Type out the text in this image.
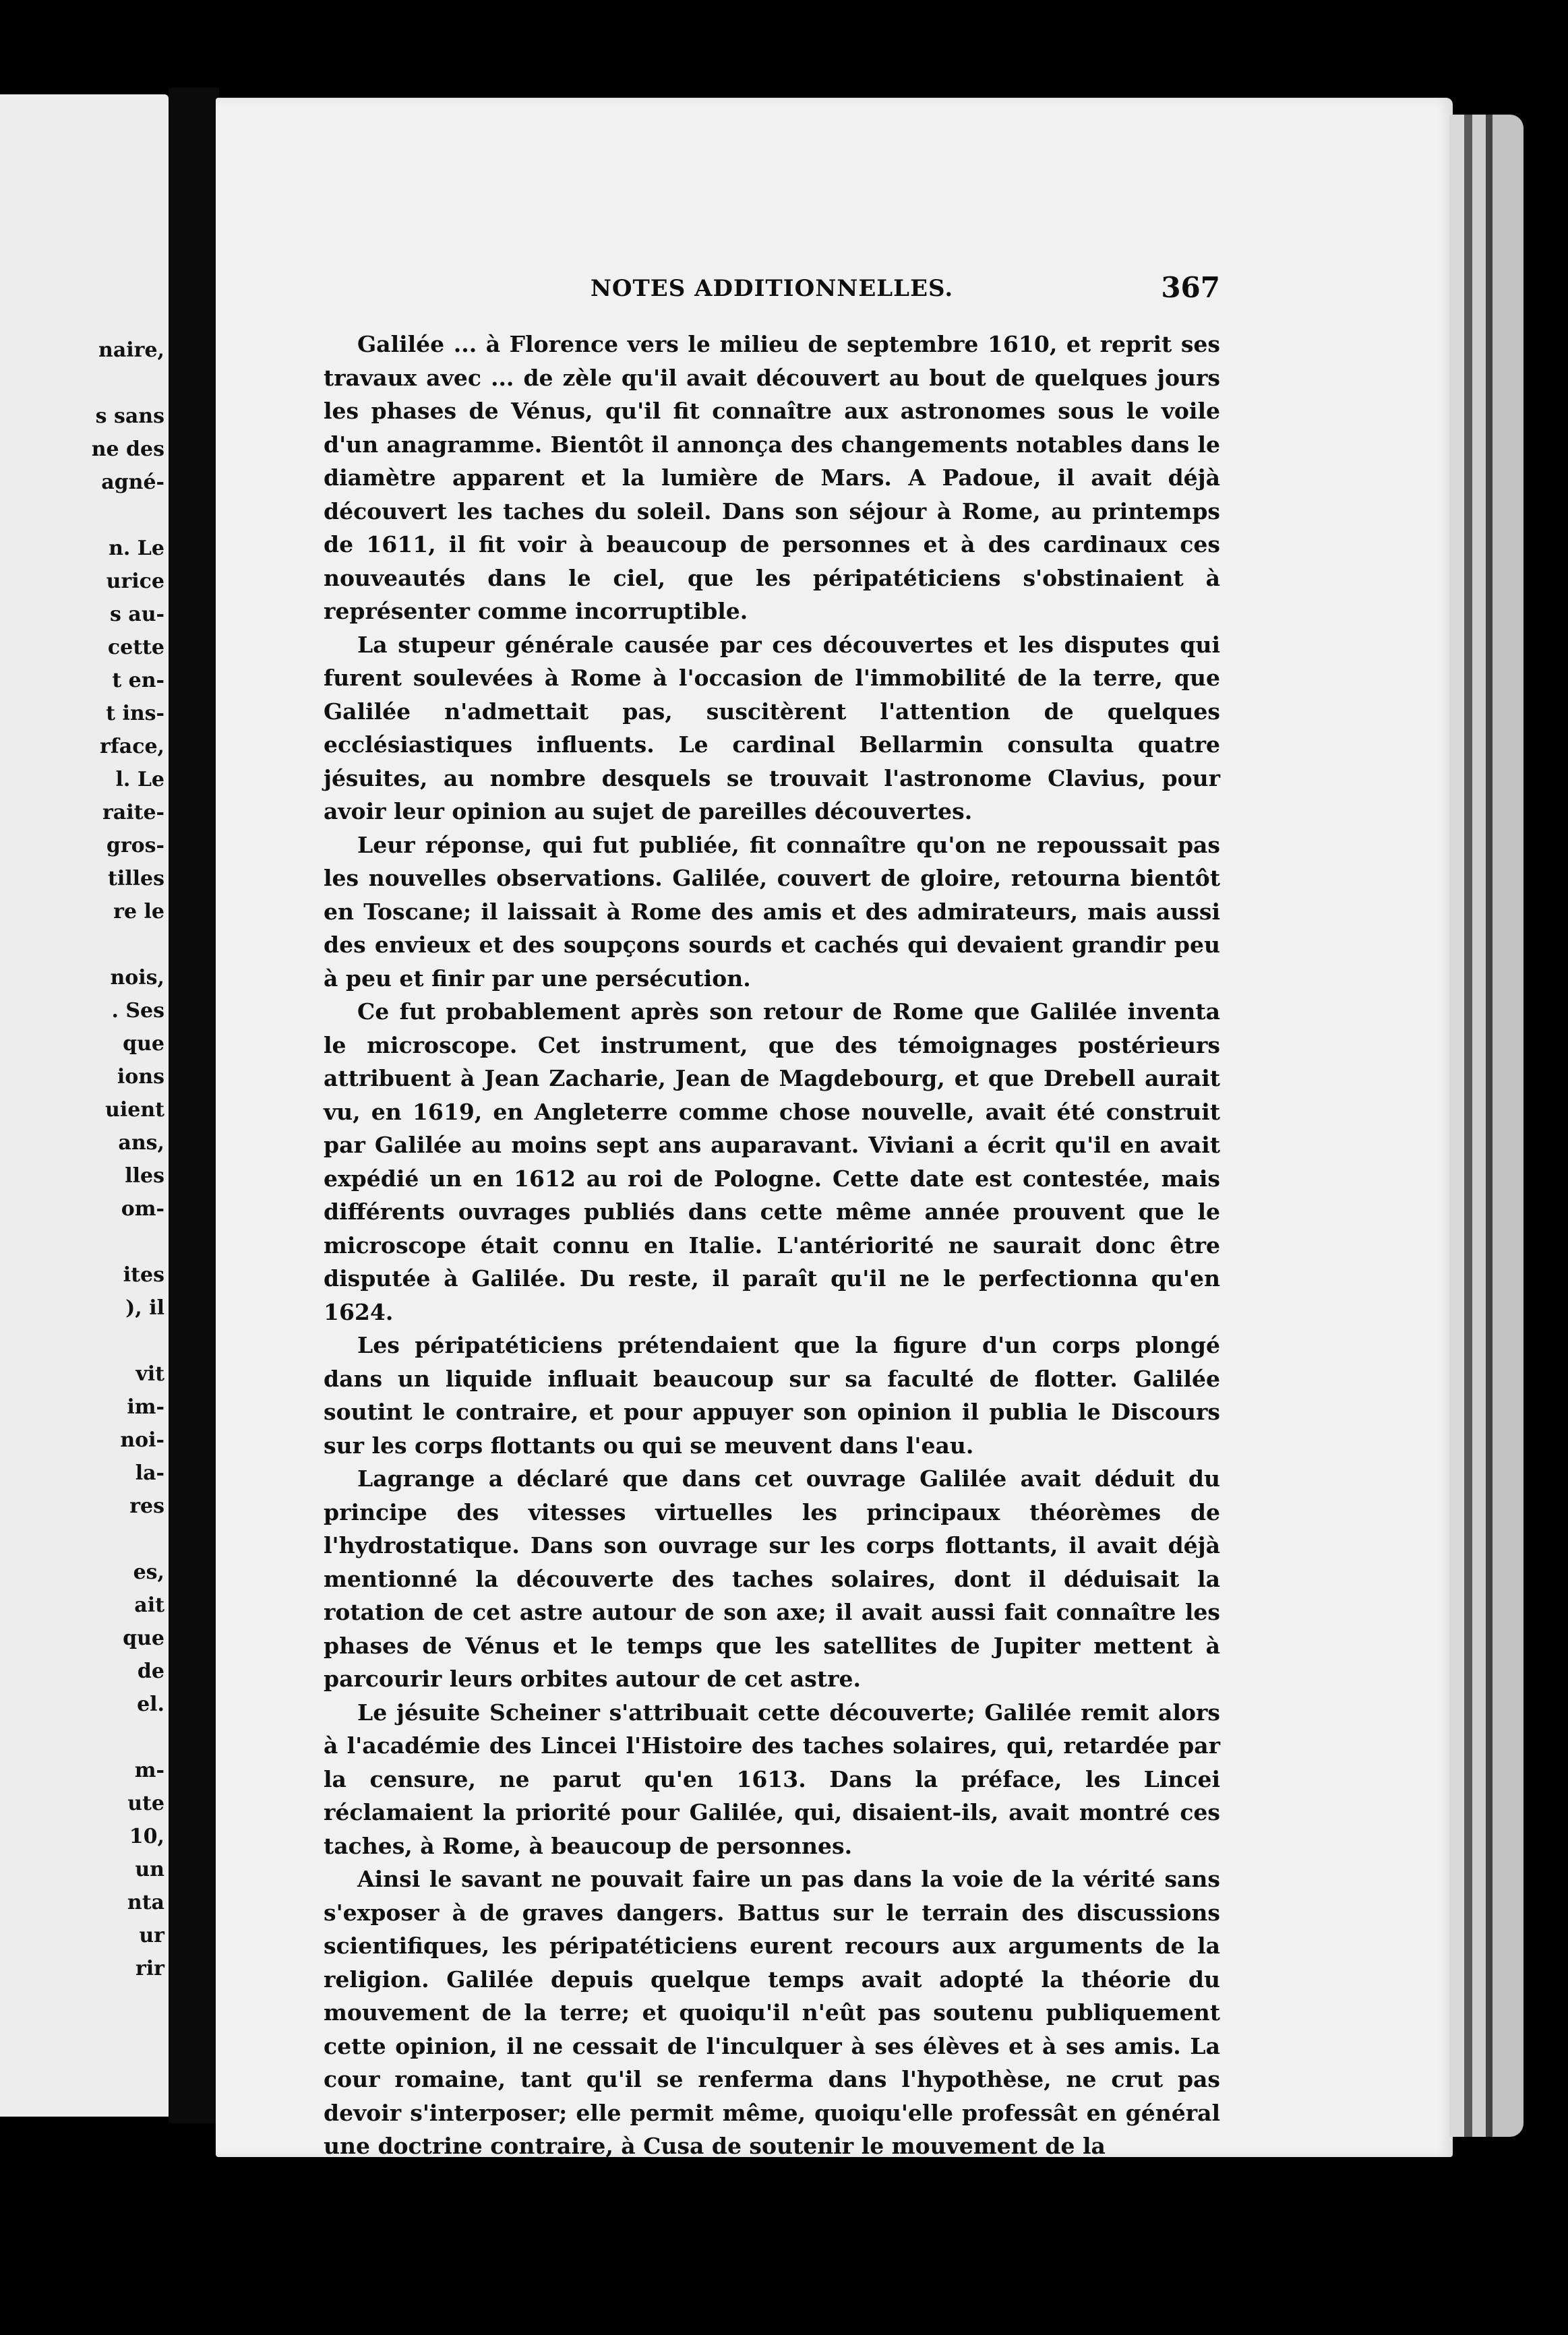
naire,
s sans
ne des
agné-
n. Le
urice
s au-
cette
t en-
t ins-
rface,
l. Le
raite-
gros-
tilles
re le
nois,
. Ses
que
ions
uient
ans,
lles
om-
ites
), il
vit
im-
noi-
la-
res
es,
ait
que
de
el.
m-
ute
10,
un
nta
ur
rir
NOTES ADDITIONNELLES.	367

Galilée ... à Florence vers le milieu de septembre 1610, et reprit ses travaux avec ... de zèle qu'il avait découvert au bout de quelques jours les phases de Vénus, qu'il fit connaître aux astronomes sous le voile d'un anagramme. Bientôt il annonça des changements notables dans le diamètre apparent et la lumière de Mars. A Padoue, il avait déjà découvert les taches du soleil. Dans son séjour à Rome, au printemps de 1611, il fit voir à beaucoup de personnes et à des cardinaux ces nouveautés dans le ciel, que les péripatéticiens s'obstinaient à représenter comme incorruptible.

La stupeur générale causée par ces découvertes et les disputes qui furent soulevées à Rome à l'occasion de l'immobilité de la terre, que Galilée n'admettait pas, suscitèrent l'attention de quelques ecclésiastiques influents. Le cardinal Bellarmin consulta quatre jésuites, au nombre desquels se trouvait l'astronome Clavius, pour avoir leur opinion au sujet de pareilles découvertes.

Leur réponse, qui fut publiée, fit connaître qu'on ne repoussait pas les nouvelles observations. Galilée, couvert de gloire, retourna bientôt en Toscane; il laissait à Rome des amis et des admirateurs, mais aussi des envieux et des soupçons sourds et cachés qui devaient grandir peu à peu et finir par une persécution.

Ce fut probablement après son retour de Rome que Galilée inventa le microscope. Cet instrument, que des témoignages postérieurs attribuent à Jean Zacharie, Jean de Magdebourg, et que Drebell aurait vu, en 1619, en Angleterre comme chose nouvelle, avait été construit par Galilée au moins sept ans auparavant. Viviani a écrit qu'il en avait expédié un en 1612 au roi de Pologne. Cette date est contestée, mais différents ouvrages publiés dans cette même année prouvent que le microscope était connu en Italie. L'antériorité ne saurait donc être disputée à Galilée. Du reste, il paraît qu'il ne le perfectionna qu'en 1624.

Les péripatéticiens prétendaient que la figure d'un corps plongé dans un liquide influait beaucoup sur sa faculté de flotter. Galilée soutint le contraire, et pour appuyer son opinion il publia le Discours sur les corps flottants ou qui se meuvent dans l'eau.

Lagrange a déclaré que dans cet ouvrage Galilée avait déduit du principe des vitesses virtuelles les principaux théorèmes de l'hydrostatique. Dans son ouvrage sur les corps flottants, il avait déjà mentionné la découverte des taches solaires, dont il déduisait la rotation de cet astre autour de son axe; il avait aussi fait connaître les phases de Vénus et le temps que les satellites de Jupiter mettent à parcourir leurs orbites autour de cet astre.

Le jésuite Scheiner s'attribuait cette découverte; Galilée remit alors à l'académie des Lincei l'Histoire des taches solaires, qui, retardée par la censure, ne parut qu'en 1613. Dans la préface, les Lincei réclamaient la priorité pour Galilée, qui, disaient-ils, avait montré ces taches, à Rome, à beaucoup de personnes.

Ainsi le savant ne pouvait faire un pas dans la voie de la vérité sans s'exposer à de graves dangers. Battus sur le terrain des discussions scientifiques, les péripatéticiens eurent recours aux arguments de la religion. Galilée depuis quelque temps avait adopté la théorie du mouvement de la terre; et quoiqu'il n'eût pas soutenu publiquement cette opinion, il ne cessait de l'inculquer à ses élèves et à ses amis. La cour romaine, tant qu'il se renferma dans l'hypothèse, ne crut pas devoir s'interposer; elle permit même, quoiqu'elle professât en général une doctrine contraire, à Cusa de soutenir le mouvement de la
